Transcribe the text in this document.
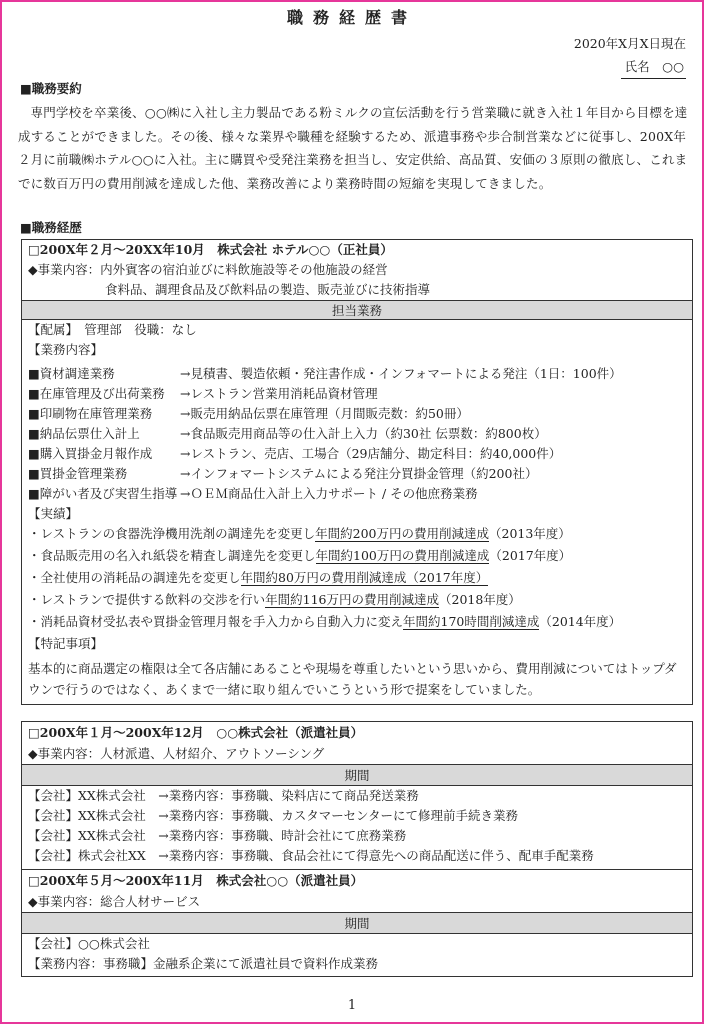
職務経歴書
2020年X月X日現在
氏名　○○
■職務要約
専門学校を卒業後、○○㈱に入社し主力製品である粉ミルクの宣伝活動を行う営業職に就き入社１年目から目標を達成することができました。その後、様々な業界や職種を経験するため、派遣事務や歩合制営業などに従事し、200X年２月に前職㈱ホテル○○に入社。主に購買や受発注業務を担当し、安定供給、高品質、安価の３原則の徹底し、これまでに数百万円の費用削減を達成した他、業務改善により業務時間の短縮を実現してきました。
■職務経歴
□200X年２月～20XX年10月　株式会社 ホテル○○（正社員）
◆事業内容：内外賓客の宿泊並びに料飲施設等その他施設の経営
食料品、調理食品及び飲料品の製造、販売並びに技術指導
担当業務
【配属】　管理部　役職：なし
【業務内容】
■資材調達業務	→見積書、製造依頼・発注書作成・インフォマートによる発注（1日：100件）
■在庫管理及び出荷業務	→レストラン営業用消耗品資材管理
■印刷物在庫管理業務	→販売用納品伝票在庫管理（月間販売数：約50冊）
■納品伝票仕入計上	→食品販売用商品等の仕入計上入力（約30社 伝票数：約800枚）
■購入買掛金月報作成	→レストラン、売店、工場合（29店舗分、勘定科目：約40,000件）
■買掛金管理業務	→インフォマートシステムによる発注分買掛金管理（約200社）
■障がい者及び実習生指導 →ＯＥＭ商品仕入計上入力サポート / その他庶務業務
【実績】
・レストランの食器洗浄機用洗剤の調達先を変更し年間約200万円の費用削減達成（2013年度）
・食品販売用の名入れ紙袋を精査し調達先を変更し年間約100万円の費用削減達成（2017年度）
・全社使用の消耗品の調達先を変更し年間約80万円の費用削減達成（2017年度）
・レストランで提供する飲料の交渉を行い年間約116万円の費用削減達成（2018年度）
・消耗品資材受払表や買掛金管理月報を手入力から自動入力に変え年間約170時間削減達成（2014年度）
【特記事項】
基本的に商品選定の権限は全て各店舗にあることや現場を尊重したいという思いから、費用削減についてはトップダウンで行うのではなく、あくまで一緒に取り組んでいこうという形で提案をしていました。
□200X年１月～200X年12月　○○株式会社（派遣社員）
◆事業内容：人材派遣、人材紹介、アウトソーシング
期間
【会社】XX株式会社　→業務内容：事務職、染料店にて商品発送業務
【会社】XX株式会社　→業務内容：事務職、カスタマーセンターにて修理前手続き業務
【会社】XX株式会社　→業務内容：事務職、時計会社にて庶務業務
【会社】株式会社XX　→業務内容：事務職、食品会社にて得意先への商品配送に伴う、配車手配業務
□200X年５月～200X年11月　株式会社○○（派遣社員）
◆事業内容：総合人材サービス
期間
【会社】○○株式会社
【業務内容：事務職】金融系企業にて派遣社員で資料作成業務
1
